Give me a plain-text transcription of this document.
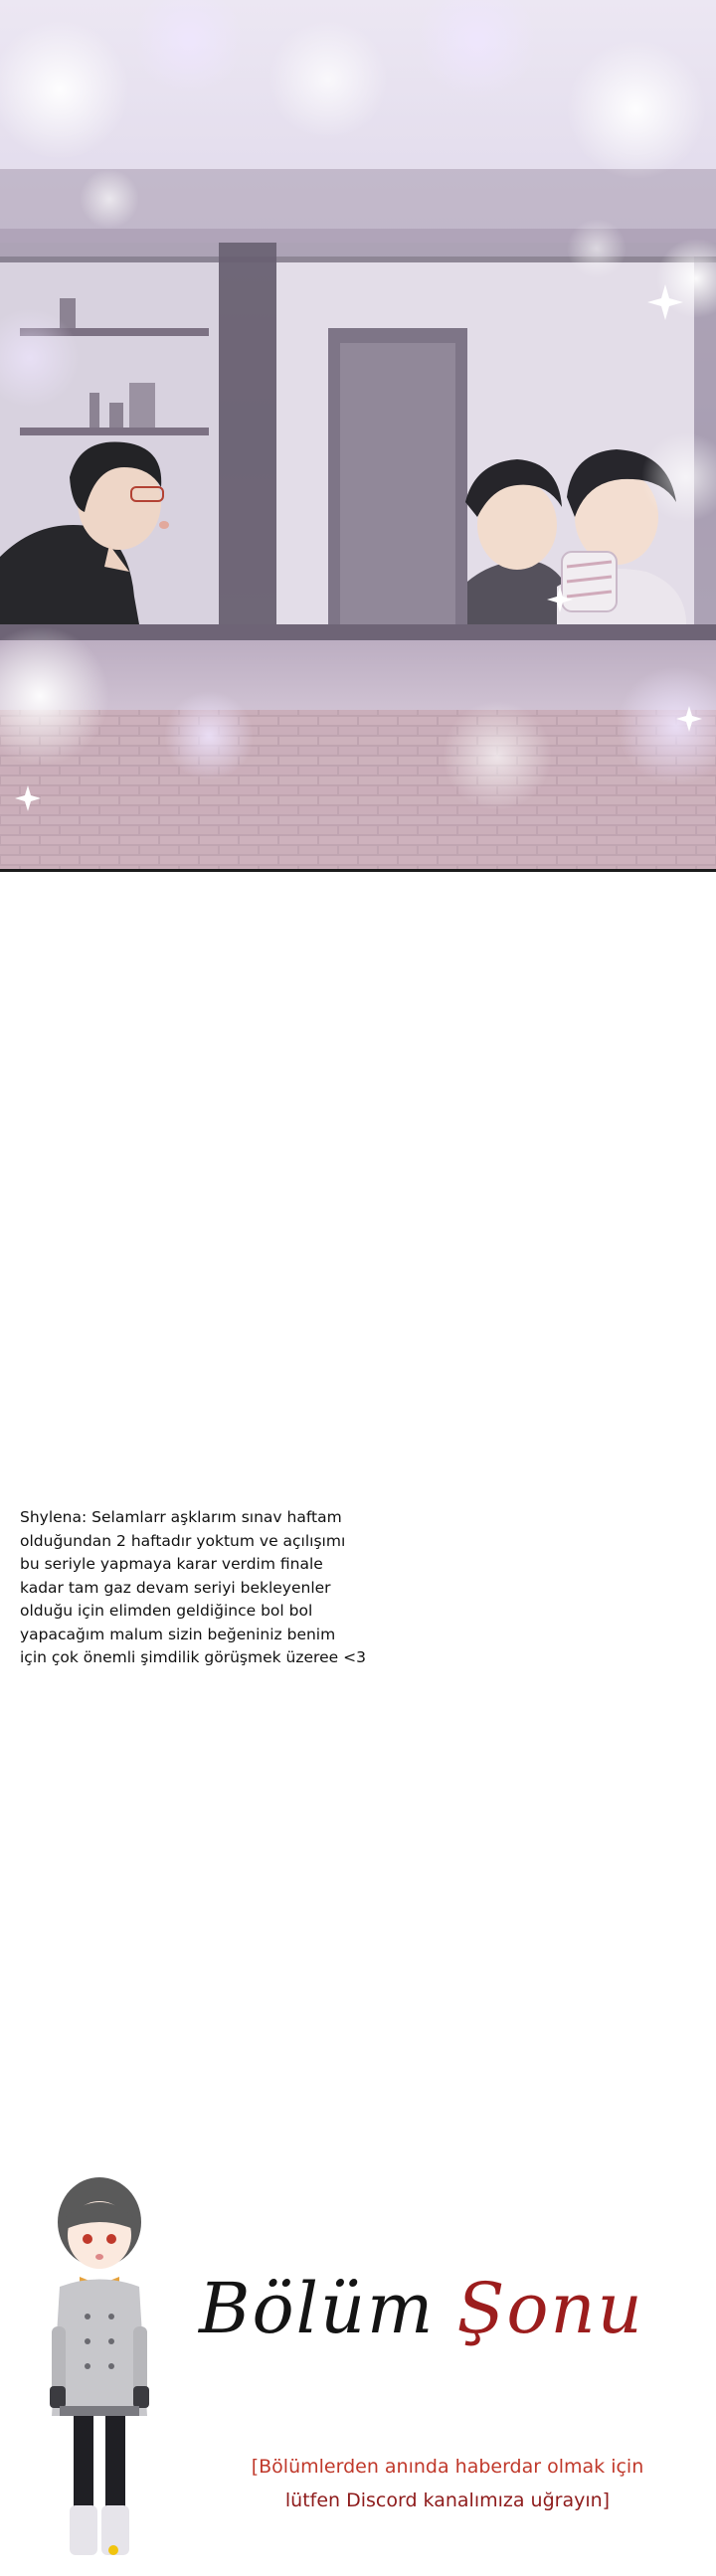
Shylena: Selamlarr aşklarım sınav haftam
olduğundan 2 haftadır yoktum ve açılışımı
bu seriyle yapmaya karar verdim finale
kadar tam gaz devam seriyi bekleyenler
olduğu için elimden geldiğince bol bol
yapacağım malum sizin beğeniniz benim
için çok önemli şimdilik görüşmek üzeree <3
Bölüm Şonu
[Bölümlerden anında haberdar olmak için
lütfen Discord kanalımıza uğrayın]
